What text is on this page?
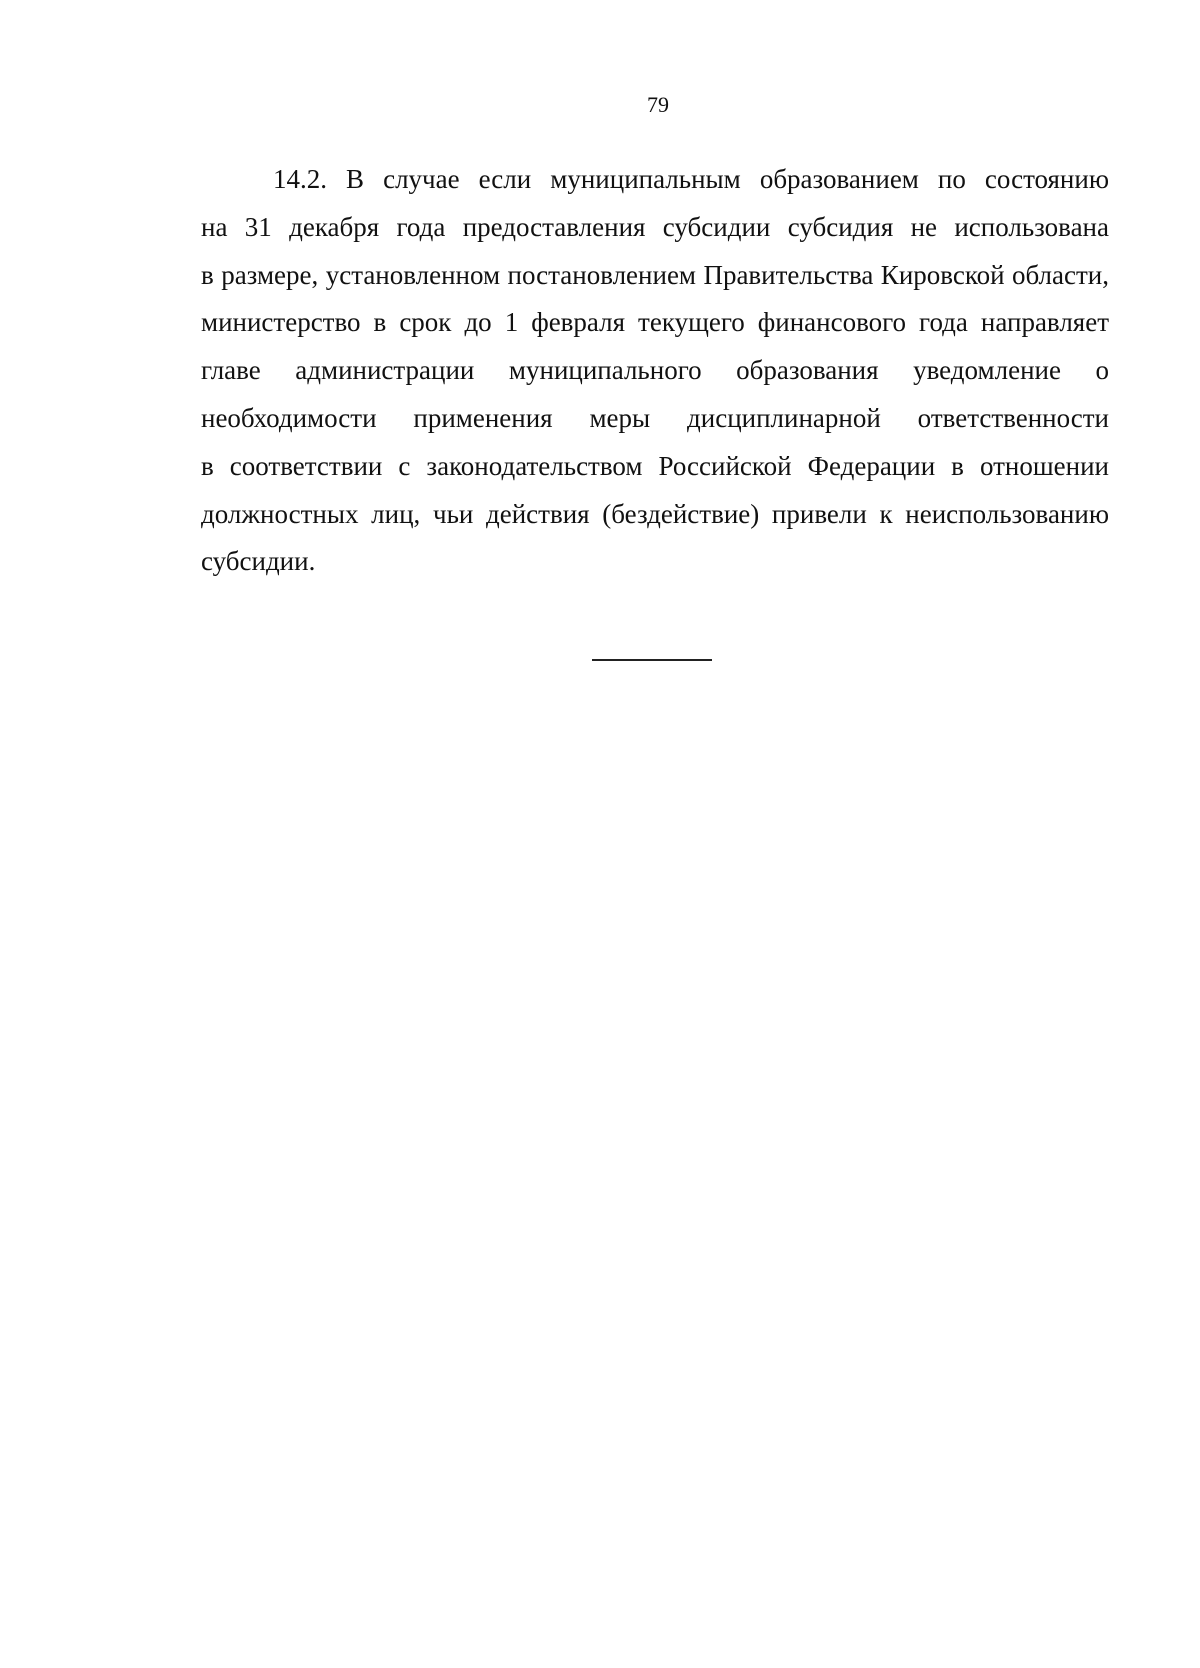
79
14.2. В случае если муниципальным образованием по состоянию
на 31 декабря года предоставления субсидии субсидия не использована
в размере, установленном постановлением Правительства Кировской области,
министерство в срок до 1 февраля текущего финансового года направляет
главе администрации муниципального образования уведомление о
необходимости применения меры дисциплинарной ответственности
в соответствии с законодательством Российской Федерации в отношении
должностных лиц, чьи действия (бездействие) привели к неиспользованию
субсидии.
